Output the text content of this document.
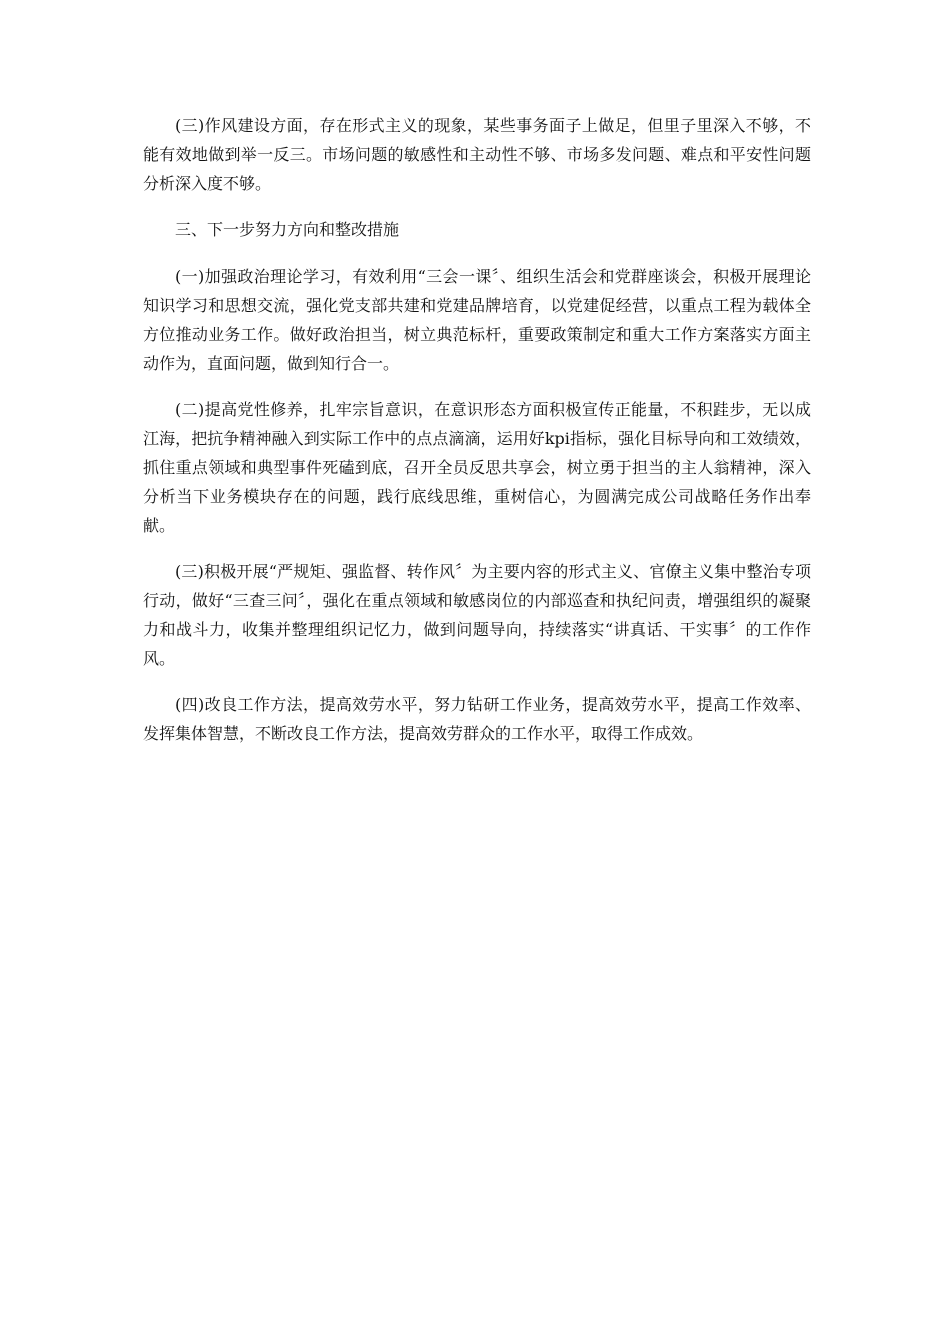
(三)作风建设方面，存在形式主义的现象，某些事务面子上做足，但里子里深入不够，不能有效地做到举一反三。市场问题的敏感性和主动性不够、市场多发问题、难点和平安性问题分析深入度不够。

三、下一步努力方向和整改措施

(一)加强政治理论学习，有效利用“三会一课〞、组织生活会和党群座谈会，积极开展理论知识学习和思想交流，强化党支部共建和党建品牌培育，以党建促经营，以重点工程为载体全方位推动业务工作。做好政治担当，树立典范标杆，重要政策制定和重大工作方案落实方面主动作为，直面问题，做到知行合一。

(二)提高党性修养，扎牢宗旨意识，在意识形态方面积极宣传正能量，不积跬步，无以成江海，把抗争精神融入到实际工作中的点点滴滴，运用好kpi指标，强化目标导向和工效绩效，抓住重点领域和典型事件死磕到底，召开全员反思共享会，树立勇于担当的主人翁精神，深入分析当下业务模块存在的问题，践行底线思维，重树信心，为圆满完成公司战略任务作出奉献。

(三)积极开展“严规矩、强监督、转作风〞为主要内容的形式主义、官僚主义集中整治专项行动，做好“三查三问〞，强化在重点领域和敏感岗位的内部巡查和执纪问责，增强组织的凝聚力和战斗力，收集并整理组织记忆力，做到问题导向，持续落实“讲真话、干实事〞的工作作风。

(四)改良工作方法，提高效劳水平，努力钻研工作业务，提高效劳水平，提高工作效率、发挥集体智慧，不断改良工作方法，提高效劳群众的工作水平，取得工作成效。
